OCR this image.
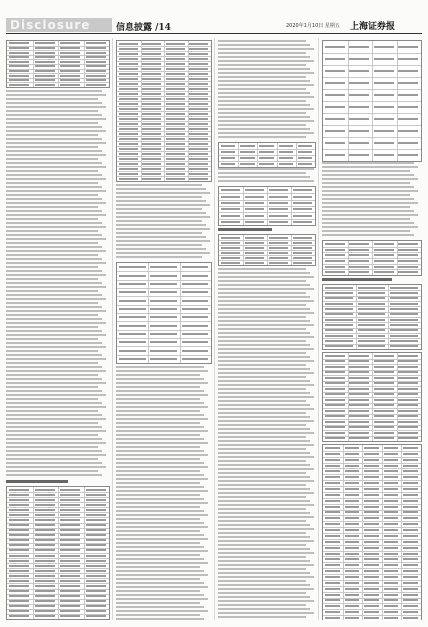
Disclosure	信息披露 /14	2020年1月10日 星期五 上海证券报
